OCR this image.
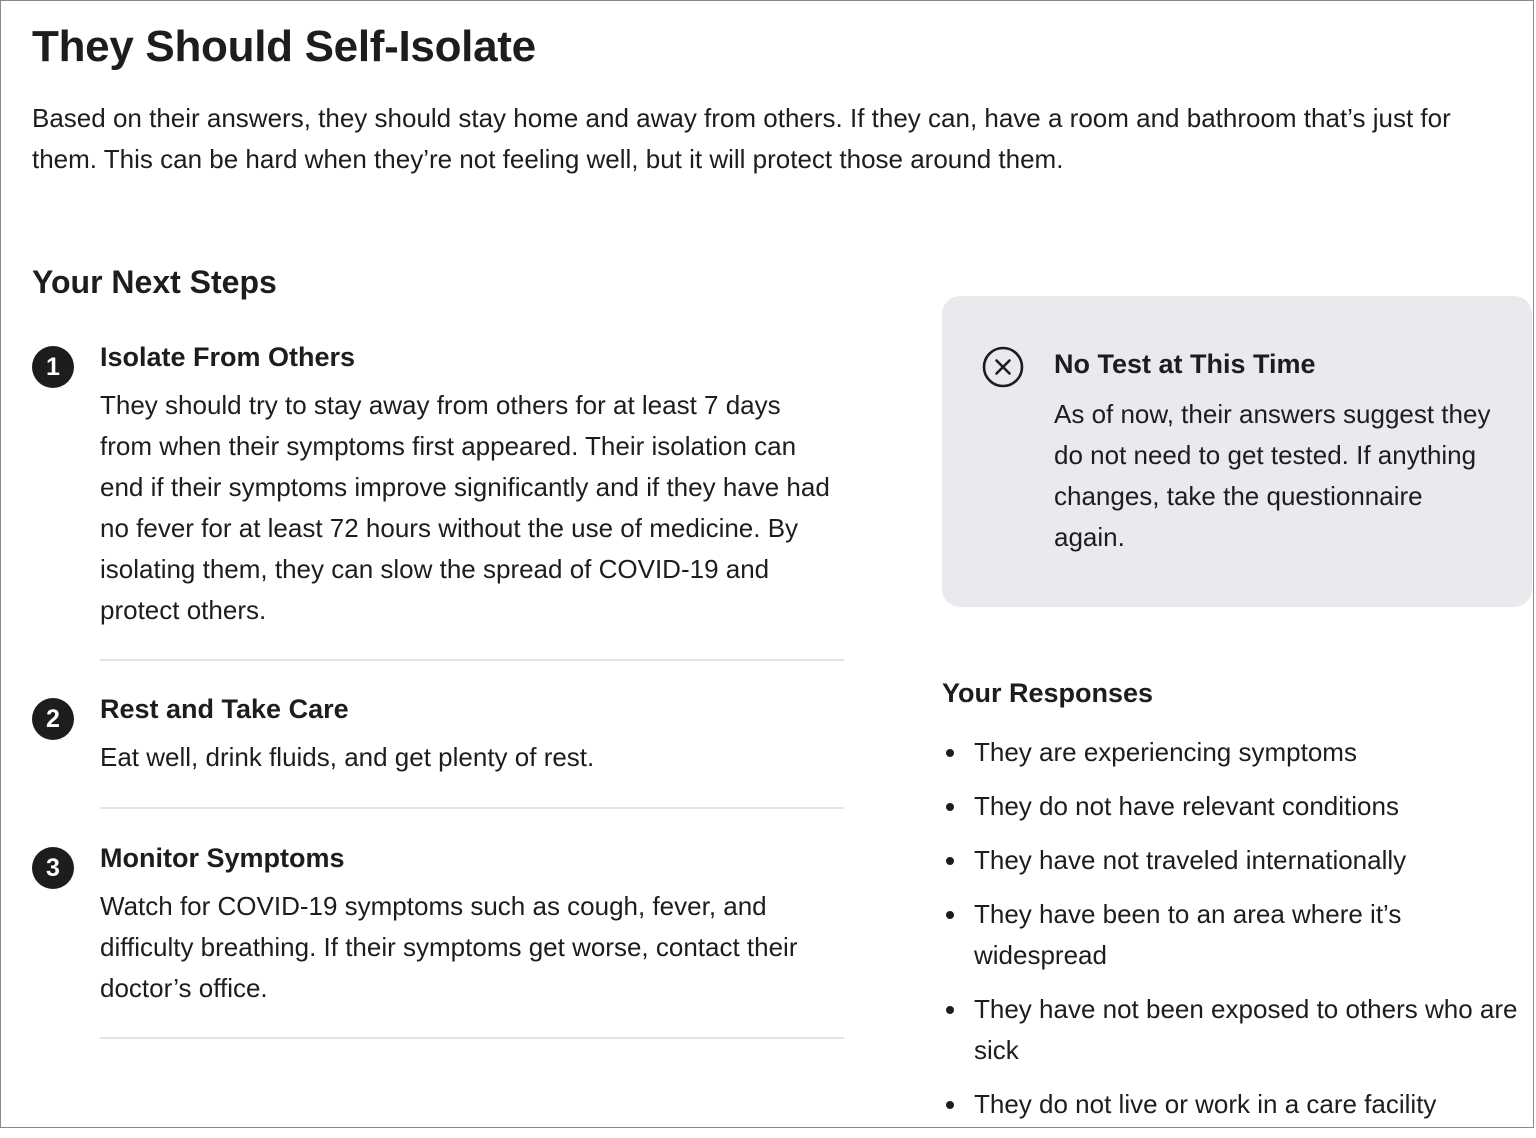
They Should Self-Isolate

Based on their answers, they should stay home and away from others. If they can, have a room and bathroom that’s just for them. This can be hard when they’re not feeling well, but it will protect those around them.

Your Next Steps
1	Isolate From Others

They should try to stay away from others for at least 7 days from when their symptoms first appeared. Their isolation can end if their symptoms improve significantly and if they have had no fever for at least 72 hours without the use of medicine. By isolating them, they can slow the spread of COVID-19 and protect others.

2	Rest and Take Care

Eat well, drink fluids, and get plenty of rest.

3	Monitor Symptoms

Watch for COVID-19 symptoms such as cough, fever, and difficulty breathing. If their symptoms get worse, contact their doctor’s office.

No Test at This Time

As of now, their answers suggest they do not need to get tested. If anything changes, take the questionnaire again.

Your Responses
They are experiencing symptoms
They do not have relevant conditions
They have not traveled internationally
They have been to an area where it’s widespread
They have not been exposed to others who are sick
They do not live or work in a care facility
